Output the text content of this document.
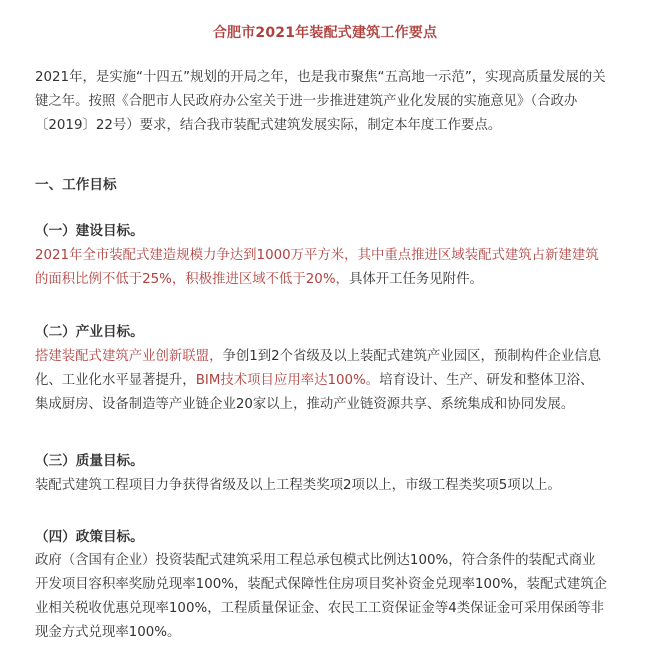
合肥市2021年装配式建筑工作要点

2021年，是实施“十四五”规划的开局之年，也是我市聚焦“五高地一示范”，实现高质量发展的关
键之年。按照《合肥市人民政府办公室关于进一步推进建筑产业化发展的实施意见》（合政办
〔2019〕22号）要求，结合我市装配式建筑发展实际，制定本年度工作要点。

一、工作目标
（一）建设目标。

2021年全市装配式建造规模力争达到1000万平方米，其中重点推进区域装配式建筑占新建建筑
的面积比例不低于25%，积极推进区域不低于20%，具体开工任务见附件。

（二）产业目标。

搭建装配式建筑产业创新联盟，争创1到2个省级及以上装配式建筑产业园区，预制构件企业信息
化、工业化水平显著提升，BIM技术项目应用率达100%。培育设计、生产、研发和整体卫浴、
集成厨房、设备制造等产业链企业20家以上，推动产业链资源共享、系统集成和协同发展。

（三）质量目标。

装配式建筑工程项目力争获得省级及以上工程类奖项2项以上，市级工程类奖项5项以上。

（四）政策目标。

政府（含国有企业）投资装配式建筑采用工程总承包模式比例达100%，符合条件的装配式商业
开发项目容积率奖励兑现率100%，装配式保障性住房项目奖补资金兑现率100%，装配式建筑企
业相关税收优惠兑现率100%，工程质量保证金、农民工工资保证金等4类保证金可采用保函等非
现金方式兑现率100%。
